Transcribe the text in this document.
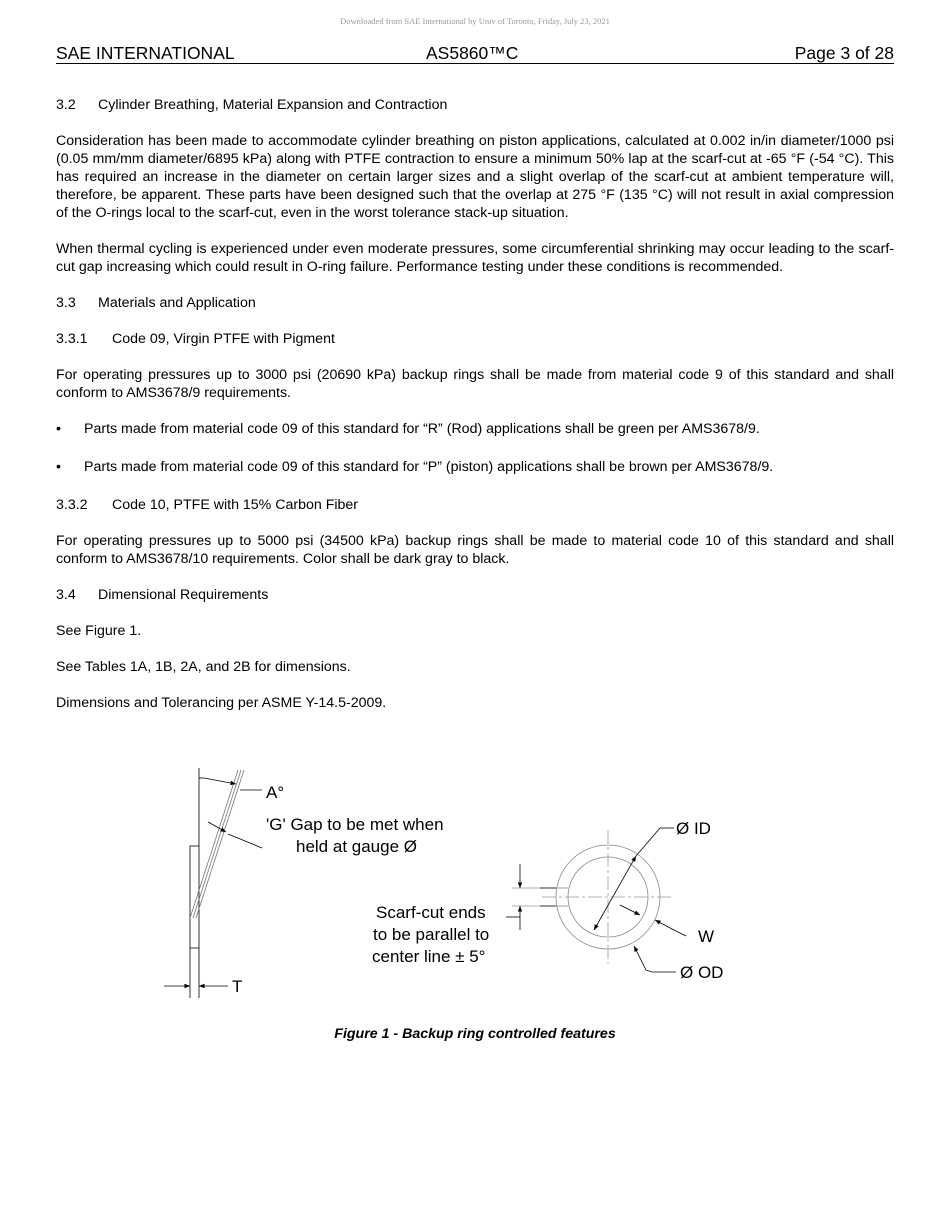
Downloaded from SAE International by Univ of Toronto, Friday, July 23, 2021
SAE INTERNATIONAL	AS5860™C	Page 3 of 28
3.2 Cylinder Breathing, Material Expansion and Contraction

Consideration has been made to accommodate cylinder breathing on piston applications, calculated at 0.002 in/in diameter/1000 psi (0.05 mm/mm diameter/6895 kPa) along with PTFE contraction to ensure a minimum 50% lap at the scarf-cut at -65 °F (-54 °C). This has required an increase in the diameter on certain larger sizes and a slight overlap of the scarf-cut at ambient temperature will, therefore, be apparent. These parts have been designed such that the overlap at 275 °F (135 °C) will not result in axial compression of the O-rings local to the scarf-cut, even in the worst tolerance stack-up situation.

When thermal cycling is experienced under even moderate pressures, some circumferential shrinking may occur leading to the scarf-cut gap increasing which could result in O-ring failure. Performance testing under these conditions is recommended.

3.3 Materials and Application
3.3.1 Code 09, Virgin PTFE with Pigment

For operating pressures up to 3000 psi (20690 kPa) backup rings shall be made from material code 9 of this standard and shall conform to AMS3678/9 requirements.

• Parts made from material code 09 of this standard for “R” (Rod) applications shall be green per AMS3678/9.
• Parts made from material code 09 of this standard for “P” (piston) applications shall be brown per AMS3678/9.
3.3.2 Code 10, PTFE with 15% Carbon Fiber

For operating pressures up to 5000 psi (34500 kPa) backup rings shall be made to material code 10 of this standard and shall conform to AMS3678/10 requirements. Color shall be dark gray to black.

3.4 Dimensional Requirements

See Figure 1.

See Tables 1A, 1B, 2A, and 2B for dimensions.

Dimensions and Tolerancing per ASME Y-14.5-2009.

A°
'G' Gap to be met when
held at gauge Ø
T
Scarf-cut ends
to be parallel to
center line ± 5°
Ø ID
W
Ø OD
Figure 1 - Backup ring controlled features
